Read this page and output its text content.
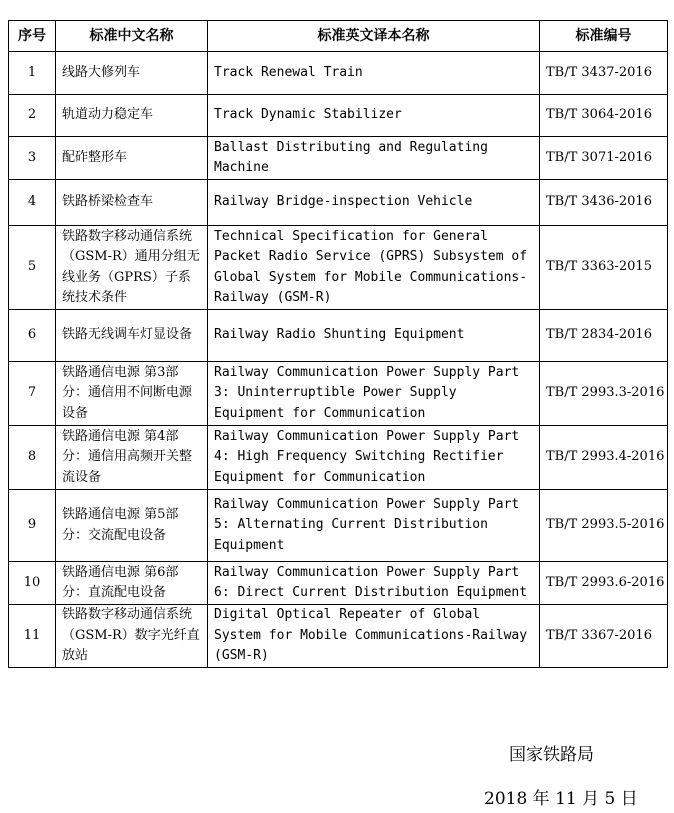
序号	标准中文名称	标准英文译本名称	标准编号
1	线路大修列车	Track Renewal Train	TB/T 3437-2016
2	轨道动力稳定车	Track Dynamic Stabilizer	TB/T 3064-2016
3	配砟整形车	Ballast Distributing and Regulating Machine	TB/T 3071-2016
4	铁路桥梁检查车	Railway Bridge-inspection Vehicle	TB/T 3436-2016
5	铁路数字移动通信系统（GSM-R）通用分组无线业务（GPRS）子系统技术条件	Technical Specification for General Packet Radio Service (GPRS) Subsystem of Global System for Mobile Communications-Railway (GSM-R)	TB/T 3363-2015
6	铁路无线调车灯显设备	Railway Radio Shunting Equipment	TB/T 2834-2016
7	铁路通信电源 第3部分：通信用不间断电源设备	Railway Communication Power Supply Part 3: Uninterruptible Power Supply Equipment for Communication	TB/T 2993.3-2016
8	铁路通信电源 第4部分：通信用高频开关整流设备	Railway Communication Power Supply Part 4: High Frequency Switching Rectifier Equipment for Communication	TB/T 2993.4-2016
9	铁路通信电源 第5部分：交流配电设备	Railway Communication Power Supply Part 5: Alternating Current Distribution Equipment	TB/T 2993.5-2016
10	铁路通信电源 第6部分：直流配电设备	Railway Communication Power Supply Part 6: Direct Current Distribution Equipment	TB/T 2993.6-2016
11	铁路数字移动通信系统（GSM-R）数字光纤直放站	Digital Optical Repeater of Global System for Mobile Communications-Railway (GSM-R)	TB/T 3367-2016
国家铁路局
2018 年 11 月 5 日
